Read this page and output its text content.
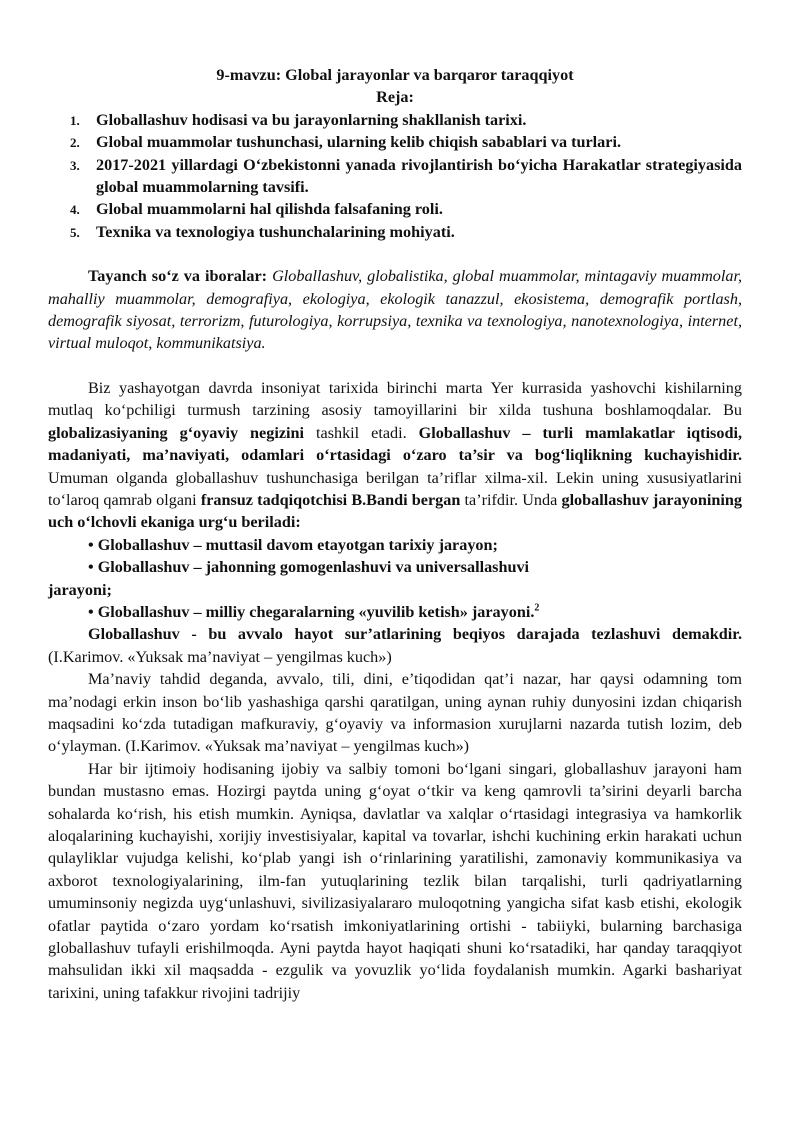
9-mavzu: Global jarayonlar va barqaror taraqqiyot
Reja:
1. Globallashuv hodisasi va bu jarayonlarning shakllanish tarixi.
2. Global muammolar tushunchasi, ularning kelib chiqish sabablari va turlari.
3. 2017-2021 yillardagi O‘zbekistonni yanada rivojlantirish bo‘yicha Harakatlar strategiyasida global muammolarning tavsifi.
4. Global muammolarni hal qilishda falsafaning roli.
5. Texnika va texnologiya tushunchalarining mohiyati.

Tayanch so‘z va iboralar: Globallashuv, globalistika, global muammolar, mintagaviy muammolar, mahalliy muammolar, demografiya, ekologiya, ekologik tanazzul, ekosistema, demografik portlash, demografik siyosat, terrorizm, futurologiya, korrupsiya, texnika va texnologiya, nanotexnologiya, internet, virtual muloqot, kommunikatsiya.

Biz yashayotgan davrda insoniyat tarixida birinchi marta Yer kurrasida yashovchi kishilarning mutlaq ko‘pchiligi turmush tarzining asosiy tamoyillarini bir xilda tushuna boshlamoqdalar. Bu globalizasiyaning g‘oyaviy negizini tashkil etadi. Globallashuv – turli mamlakatlar iqtisodi, madaniyati, ma’naviyati, odamlari o‘rtasidagi o‘zaro ta’sir va bog‘liqlikning kuchayishidir. Umuman olganda globallashuv tushunchasiga berilgan ta’riflar xilma-xil. Lekin uning xususiyatlarini to‘laroq qamrab olgani fransuz tadqiqotchisi B.Bandi bergan ta’rifdir. Unda globallashuv jarayonining uch o‘lchovli ekaniga urg‘u beriladi:

• Globallashuv – muttasil davom etayotgan tarixiy jarayon;
• Globallashuv – jahonning gomogenlashuvi va universallashuvi
jarayoni;
• Globallashuv – milliy chegaralarning «yuvilib ketish» jarayoni.$^2$

Globallashuv - bu avvalo hayot sur’atlarining beqiyos darajada tezlashuvi demakdir. (I.Karimov. «Yuksak ma’naviyat – yengilmas kuch»)

Ma’naviy tahdid deganda, avvalo, tili, dini, e’tiqodidan qat’i nazar, har qaysi odamning tom ma’nodagi erkin inson bo‘lib yashashiga qarshi qaratilgan, uning aynan ruhiy dunyosini izdan chiqarish maqsadini ko‘zda tutadigan mafkuraviy, g‘oyaviy va informasion xurujlarni nazarda tutish lozim, deb o‘ylayman. (I.Karimov. «Yuksak ma’naviyat – yengilmas kuch»)

Har bir ijtimoiy hodisaning ijobiy va salbiy tomoni bo‘lgani singari, globallashuv jarayoni ham bundan mustasno emas. Hozirgi paytda uning g‘oyat o‘tkir va keng qamrovli ta’sirini deyarli barcha sohalarda ko‘rish, his etish mumkin. Ayniqsa, davlatlar va xalqlar o‘rtasidagi integrasiya va hamkorlik aloqalarining kuchayishi, xorijiy investisiyalar, kapital va tovarlar, ishchi kuchining erkin harakati uchun qulayliklar vujudga kelishi, ko‘plab yangi ish o‘rinlarining yaratilishi, zamonaviy kommunikasiya va axborot texnologiyalarining, ilm-fan yutuqlarining tezlik bilan tarqalishi, turli qadriyatlarning umuminsoniy negizda uyg‘unlashuvi, sivilizasiyalararo muloqotning yangicha sifat kasb etishi, ekologik ofatlar paytida o‘zaro yordam ko‘rsatish imkoniyatlarining ortishi - tabiiyki, bularning barchasiga globallashuv tufayli erishilmoqda. Ayni paytda hayot haqiqati shuni ko‘rsatadiki, har qanday taraqqiyot mahsulidan ikki xil maqsadda - ezgulik va yovuzlik yo‘lida foydalanish mumkin. Agarki bashariyat tarixini, uning tafakkur rivojini tadrijiy
